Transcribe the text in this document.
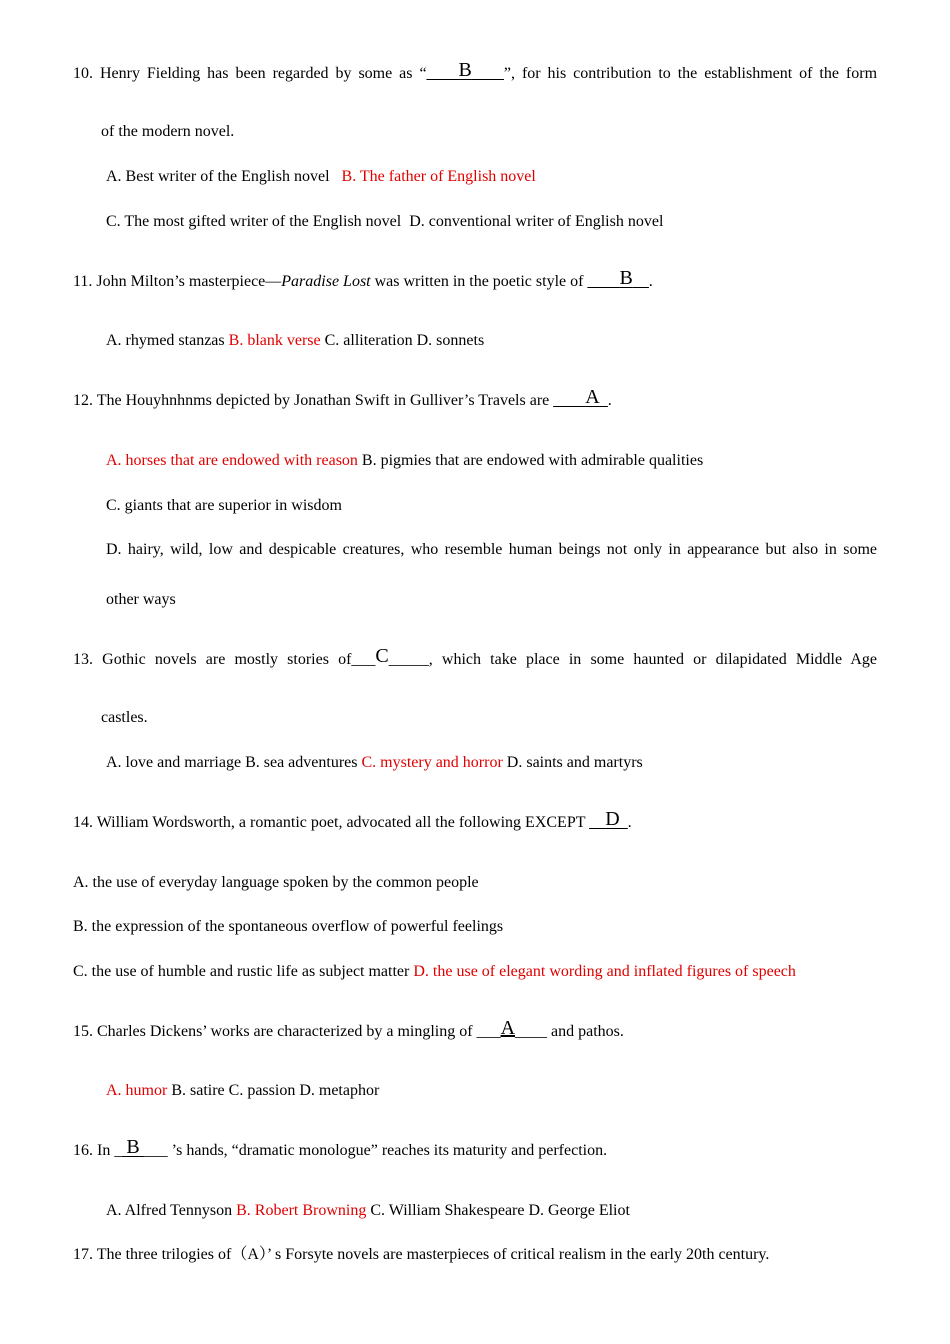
10. Henry Fielding has been regarded by some as “____B____”, for his contribution to the establishment of the form
of the modern novel.
A. Best writer of the English novel B. The father of English novel
C. The most gifted writer of the English novel D. conventional writer of English novel
11. John Milton’s masterpiece—Paradise Lost was written in the poetic style of ___ B _.
A. rhymed stanzas B. blank verse C. alliteration D. sonnets
12. The Houyhnhnms depicted by Jonathan Swift in Gulliver’s Travels are ____A_.
A. horses that are endowed with reason B. pigmies that are endowed with admirable qualities
C. giants that are superior in wisdom
D. hairy, wild, low and despicable creatures, who resemble human beings not only in appearance but also in some
other ways
13. Gothic novels are mostly stories of___C_____, which take place in some haunted or dilapidated Middle Age
castles.
A. love and marriage B. sea adventures C. mystery and horror D. saints and martyrs
14. William Wordsworth, a romantic poet, advocated all the following EXCEPT __D_.
A. the use of everyday language spoken by the common people
B. the expression of the spontaneous overflow of powerful feelings
C. the use of humble and rustic life as subject matter D. the use of elegant wording and inflated figures of speech
15. Charles Dickens’ works are characterized by a mingling of ___A____ and pathos.
A. humor B. satire C. passion D. metaphor
16. In _ B ___ ’s hands, “dramatic monologue” reaches its maturity and perfection.
A. Alfred Tennyson B. Robert Browning C. William Shakespeare D. George Eliot
17. The three trilogies of（A）’ s Forsyte novels are masterpieces of critical realism in the early 20th century.
